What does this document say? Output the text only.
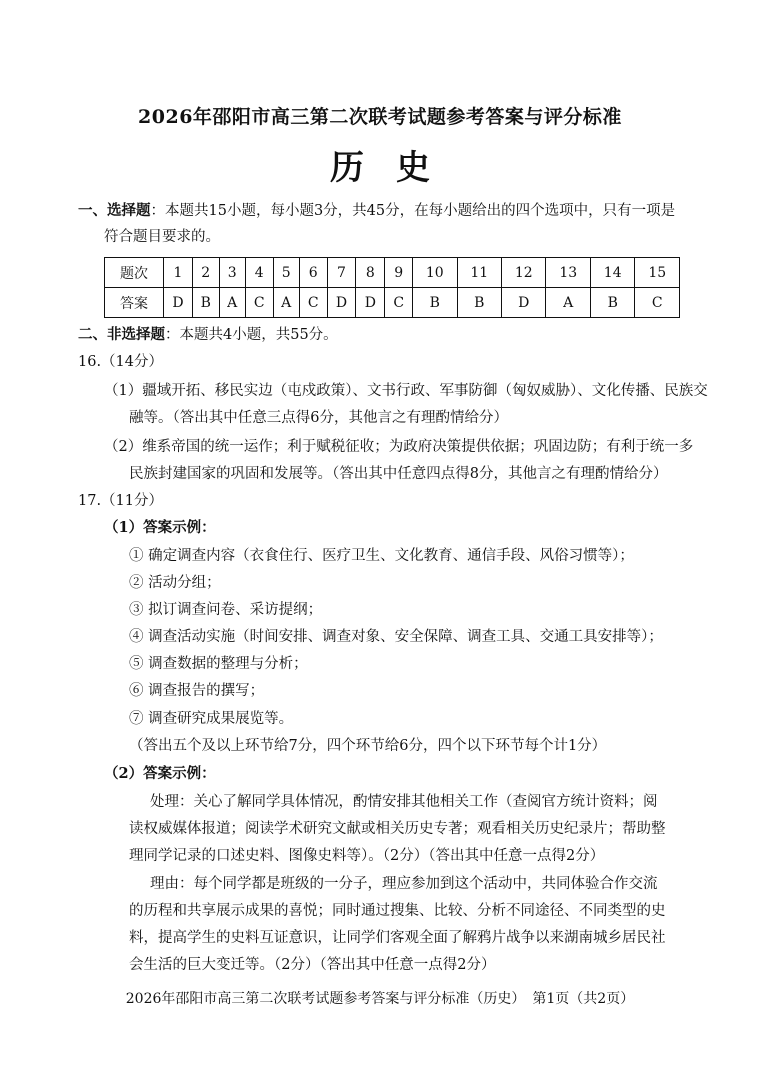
2026年邵阳市高三第二次联考试题参考答案与评分标准
历史
一、选择题：本题共15小题，每小题3分，共45分，在每小题给出的四个选项中，只有一项是
符合题目要求的。
题次	1	2	3	4	5	6	7	8	9	10	11	12	13	14	15
答案	D	B	A	C	A	C	D	D	C	B	B	D	A	B	C
二、非选择题：本题共4小题，共55分。
16.（14分）
（1）疆域开拓、移民实边（屯戍政策）、文书行政、军事防御（匈奴威胁）、文化传播、民族交
融等。（答出其中任意三点得6分，其他言之有理酌情给分）
（2）维系帝国的统一运作；利于赋税征收；为政府决策提供依据；巩固边防；有利于统一多
民族封建国家的巩固和发展等。（答出其中任意四点得8分，其他言之有理酌情给分）
17.（11分）
（1）答案示例：
① 确定调查内容（衣食住行、医疗卫生、文化教育、通信手段、风俗习惯等）；
② 活动分组；
③ 拟订调查问卷、采访提纲；
④ 调查活动实施（时间安排、调查对象、安全保障、调查工具、交通工具安排等）；
⑤ 调查数据的整理与分析；
⑥ 调查报告的撰写；
⑦ 调查研究成果展览等。
（答出五个及以上环节给7分，四个环节给6分，四个以下环节每个计1分）
（2）答案示例：
处理：关心了解同学具体情况，酌情安排其他相关工作（查阅官方统计资料；阅
读权威媒体报道；阅读学术研究文献或相关历史专著；观看相关历史纪录片；帮助整
理同学记录的口述史料、图像史料等）。（2分）（答出其中任意一点得2分）
理由：每个同学都是班级的一分子，理应参加到这个活动中，共同体验合作交流
的历程和共享展示成果的喜悦；同时通过搜集、比较、分析不同途径、不同类型的史
料，提高学生的史料互证意识，让同学们客观全面了解鸦片战争以来湖南城乡居民社
会生活的巨大变迁等。（2分）（答出其中任意一点得2分）
2026年邵阳市高三第二次联考试题参考答案与评分标准（历史）　第1页（共2页）
